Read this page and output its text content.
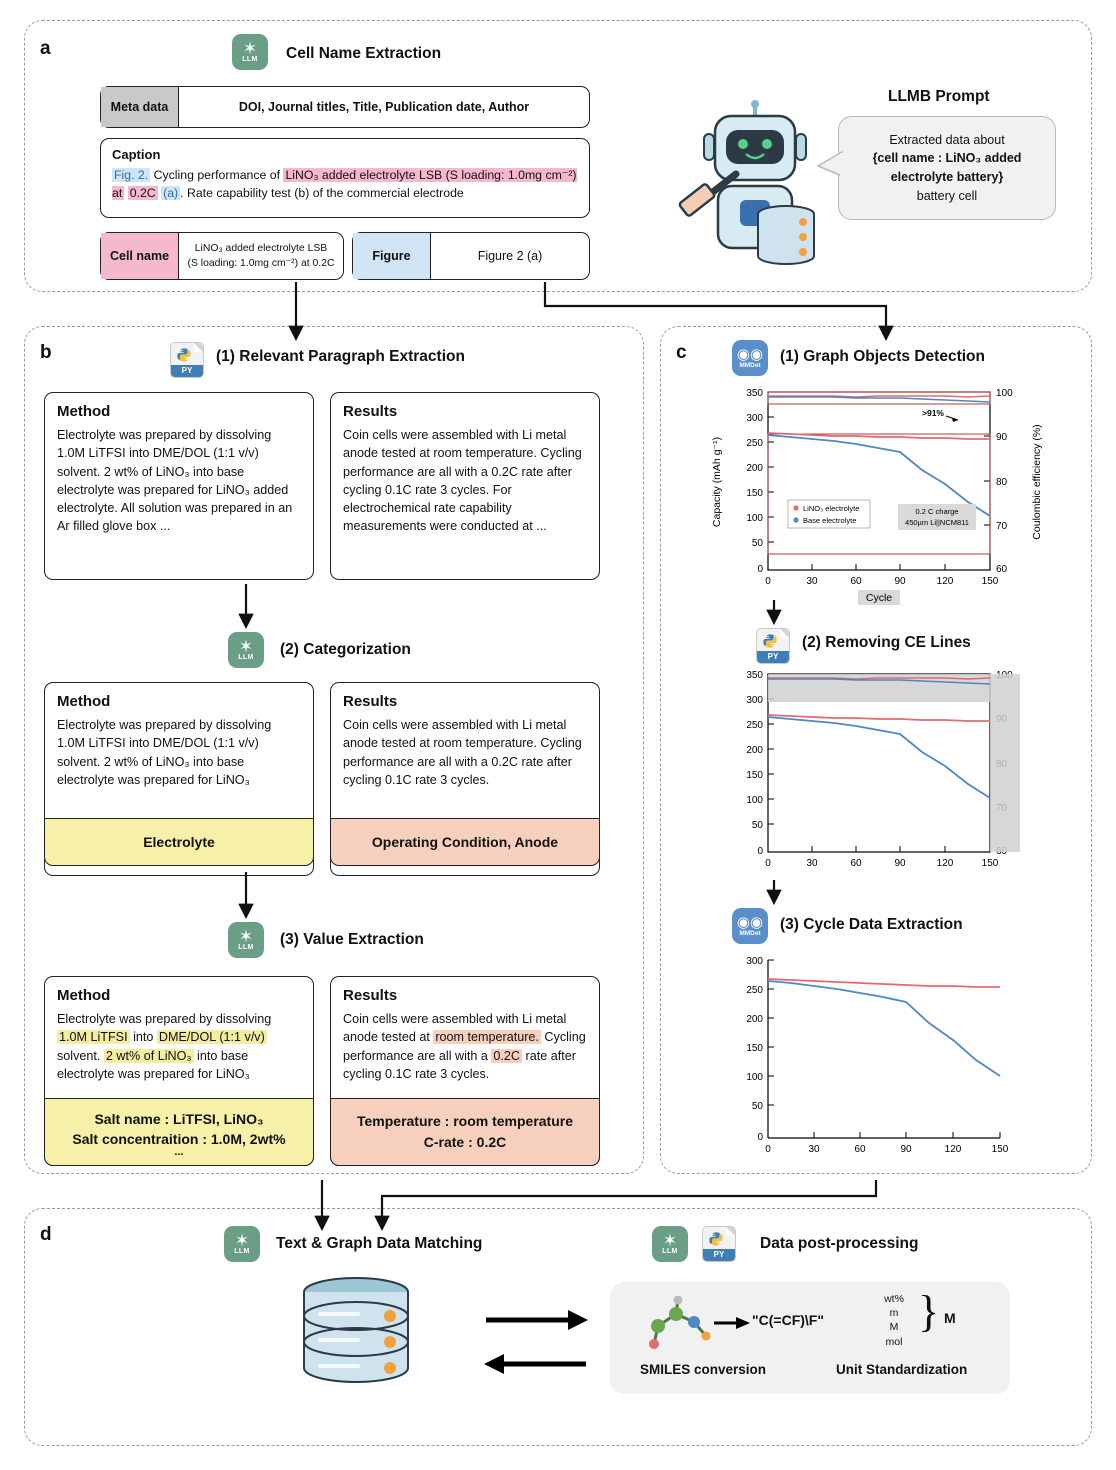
a
b	c
d
✶
LLM Cell Name Extraction
Meta data	DOI, Journal titles, Title, Publication date, Author
Caption
Fig. 2. Cycling performance of LiNO₃ added electrolyte LSB (S loading: 1.0mg cm⁻²) at 0.2C (a) . Rate capability test (b) of the commercial electrode
Cell name
LiNO₃ added electrolyte LSB
(S loading: 1.0mg cm⁻²) at 0.2C
Figure	Figure 2 (a)
LLMB Prompt
Extracted data about
{cell name : LiNO₃ added
electrolyte battery}
battery cell
PY
(1) Relevant Paragraph Extraction
Method
Electrolyte was prepared by dissolving 1.0M LiTFSI into DME/DOL (1:1 v/v) solvent. 2 wt% of LiNO₃ into base electrolyte was prepared for LiNO₃ added electrolyte. All solution was prepared in an Ar filled glove box ...
Results
Coin cells were assembled with Li metal anode tested at room temperature. Cycling performance are all with a 0.2C rate after cycling 0.1C rate 3 cycles. For electrochemical rate capability measurements were conducted at ...
✶
LLM (2) Categorization
Method
Electrolyte was prepared by dissolving 1.0M LiTFSI into DME/DOL (1:1 v/v) solvent. 2 wt% of LiNO₃ into base electrolyte was prepared for LiNO₃
Electrolyte
Results
Coin cells were assembled with Li metal anode tested at room temperature. Cycling performance are all with a 0.2C rate after cycling 0.1C rate 3 cycles.
Operating Condition, Anode
✶
LLM (3) Value Extraction
Method
Electrolyte was prepared by dissolving 1.0M LiTFSI into DME/DOL (1:1 v/v) solvent. 2 wt% of LiNO₃ into base electrolyte was prepared for LiNO₃
Salt name : LiTFSI, LiNO₃
Salt concentraition : 1.0M, 2wt%
...
Results
Coin cells were assembled with Li metal anode tested at room temperature. Cycling performance are all with a 0.2C rate after cycling 0.1C rate 3 cycles.
Temperature : room temperature
C-rate : 0.2C
◉◉
MMDet (1) Graph Objects Detection
Capacity (mAh g⁻¹)	Coulombic efficiency (%)
350
300
250
200
150
100
50
0
100
90
80
70
60
0	30	60	90	120	150
Cycle
>91%
LiNO₃ electrolyte
Base electrolyte
0.2 C charge
450µm Li||NCM811
PY
(2) Removing CE Lines
350
300
250
200
150
100
50
0
0	30	60	90	120	150
◉◉
MMDet (3) Cycle Data Extraction
300
250
200
150
100
50
0
0	30	60	90	120	150
✶
LLM Text & Graph Data Matching	✶
LLM	PY
Data post-processing
"C(=CF)\F"
SMILES conversion
wt%
m
M
mol
} M
Unit Standardization
